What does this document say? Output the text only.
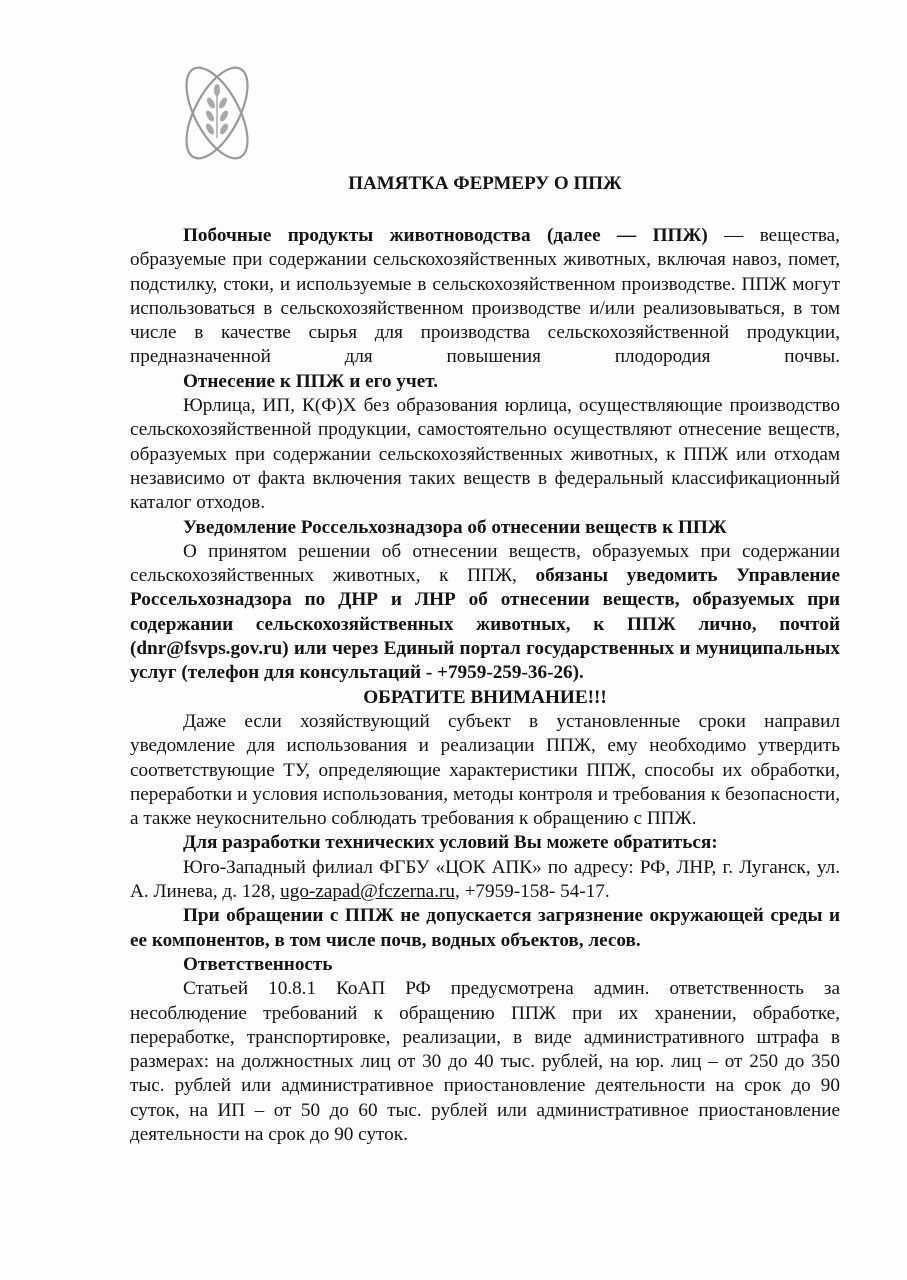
ПАМЯТКА ФЕРМЕРУ О ППЖ

Побочные продукты животноводства (далее — ППЖ) — вещества, образуемые при содержании сельскохозяйственных животных, включая навоз, помет, подстилку, стоки, и используемые в сельскохозяйственном производстве. ППЖ могут использоваться в сельскохозяйственном производстве и/или реализовываться, в том числе в качестве сырья для производства сельскохозяйственной продукции, предназначенной для повышения плодородия почвы.

Отнесение к ППЖ и его учет.

Юрлица, ИП, К(Ф)Х без образования юрлица, осуществляющие производство сельскохозяйственной продукции, самостоятельно осуществляют отнесение веществ, образуемых при содержании сельскохозяйственных животных, к ППЖ или отходам независимо от факта включения таких веществ в федеральный классификационный каталог отходов.

Уведомление Россельхознадзора об отнесении веществ к ППЖ

О принятом решении об отнесении веществ, образуемых при содержании сельскохозяйственных животных, к ППЖ, обязаны уведомить Управление Россельхознадзора по ДНР и ЛНР об отнесении веществ, образуемых при содержании сельскохозяйственных животных, к ППЖ лично, почтой (dnr@fsvps.gov.ru) или через Единый портал государственных и муниципальных услуг (телефон для консультаций - +7959-259-36-26).

ОБРАТИТЕ ВНИМАНИЕ!!!

Даже если хозяйствующий субъект в установленные сроки направил уведомление для использования и реализации ППЖ, ему необходимо утвердить соответствующие ТУ, определяющие характеристики ППЖ, способы их обработки, переработки и условия использования, методы контроля и требования к безопасности, а также неукоснительно соблюдать требования к обращению с ППЖ.

Для разработки технических условий Вы можете обратиться:

Юго-Западный филиал ФГБУ «ЦОК АПК» по адресу: РФ, ЛНР, г. Луганск, ул. А. Линева, д. 128, ugo-zapad@fczerna.ru, +7959-158- 54-17.

При обращении с ППЖ не допускается загрязнение окружающей среды и ее компонентов, в том числе почв, водных объектов, лесов.

Ответственность

Статьей 10.8.1 КоАП РФ предусмотрена админ. ответственность за несоблюдение требований к обращению ППЖ при их хранении, обработке, переработке, транспортировке, реализации, в виде административного штрафа в размерах: на должностных лиц от 30 до 40 тыс. рублей, на юр. лиц – от 250 до 350 тыс. рублей или административное приостановление деятельности на срок до 90 суток, на ИП – от 50 до 60 тыс. рублей или административное приостановление деятельности на срок до 90 суток.
